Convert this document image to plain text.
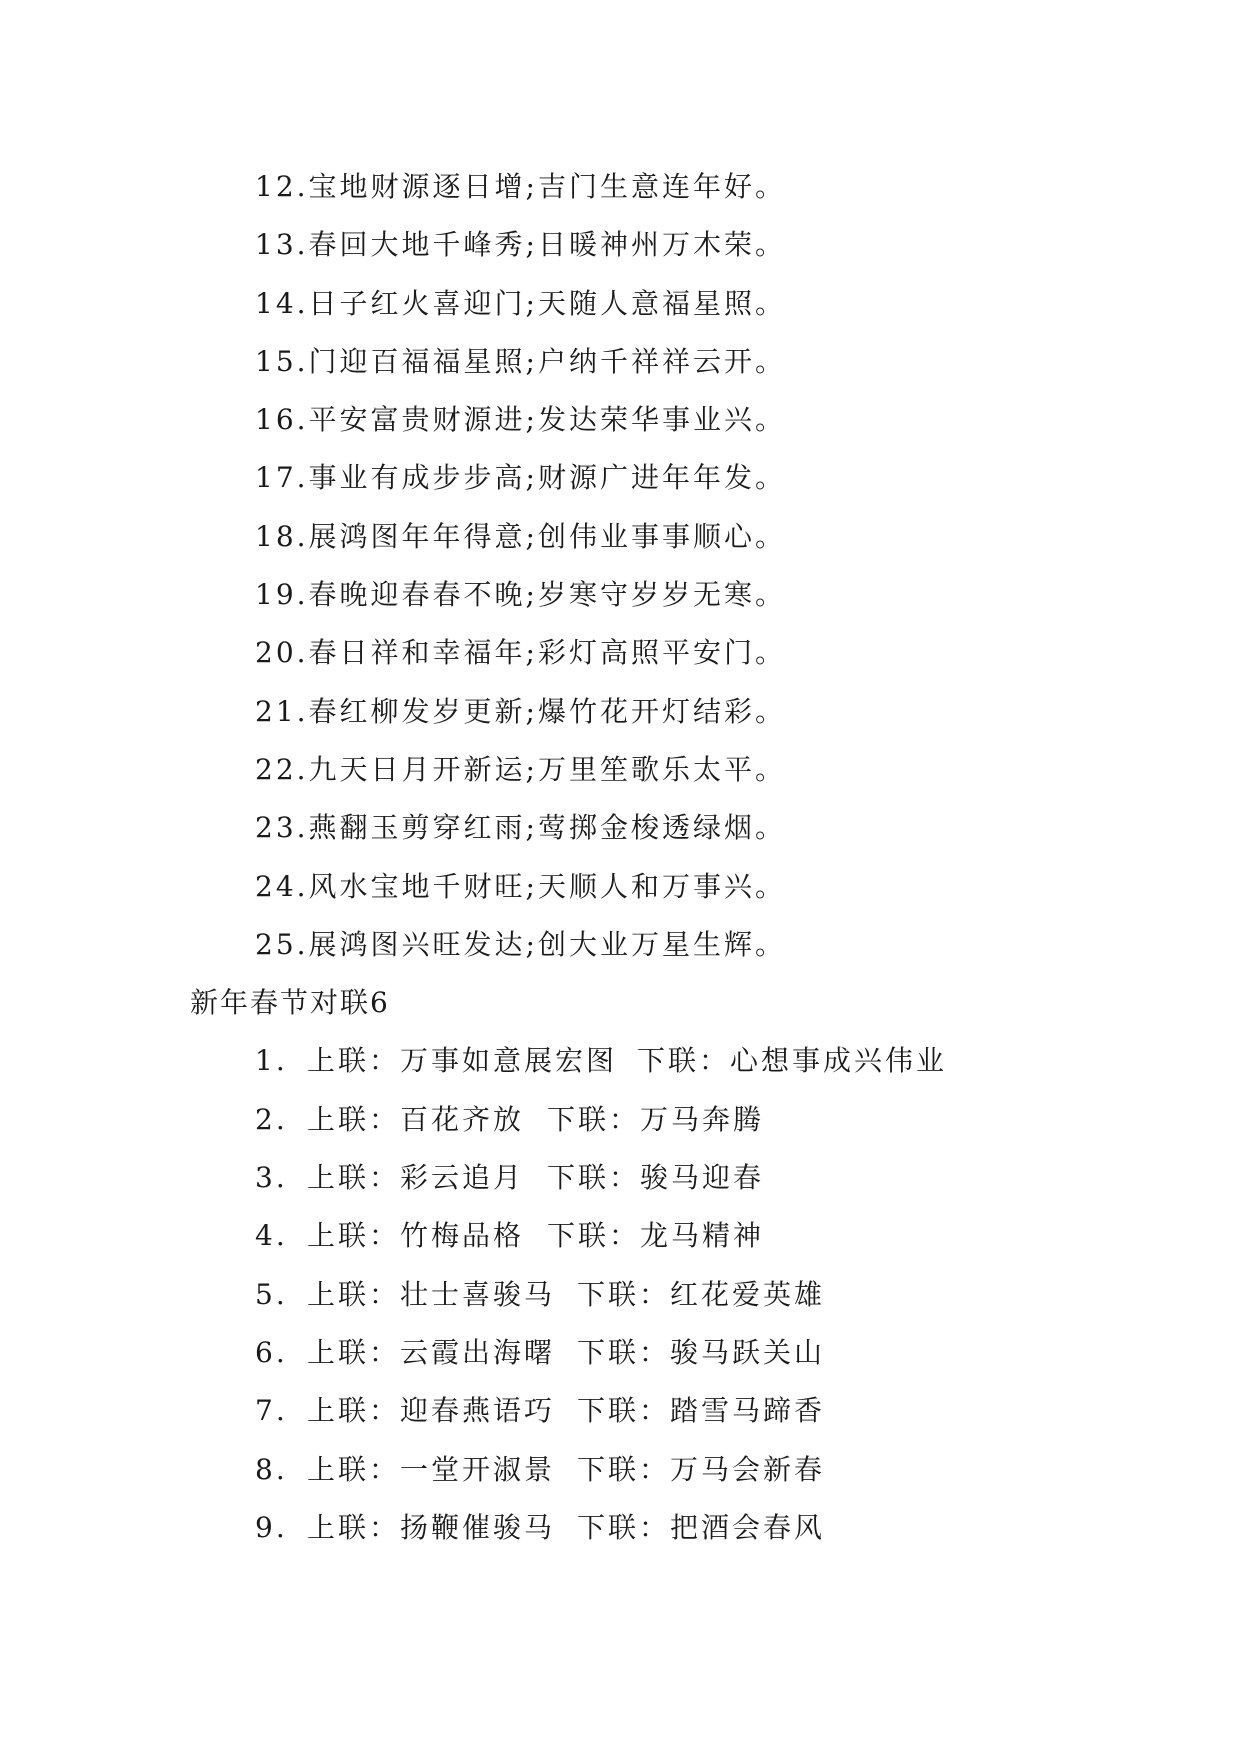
12.宝地财源逐日增;吉门生意连年好。
13.春回大地千峰秀;日暖神州万木荣。
14.日子红火喜迎门;天随人意福星照。
15.门迎百福福星照;户纳千祥祥云开。
16.平安富贵财源进;发达荣华事业兴。
17.事业有成步步高;财源广进年年发。
18.展鸿图年年得意;创伟业事事顺心。
19.春晚迎春春不晚;岁寒守岁岁无寒。
20.春日祥和幸福年;彩灯高照平安门。
21.春红柳发岁更新;爆竹花开灯结彩。
22.九天日月开新运;万里笙歌乐太平。
23.燕翻玉剪穿红雨;莺掷金梭透绿烟。
24.风水宝地千财旺;天顺人和万事兴。
25.展鸿图兴旺发达;创大业万星生辉。
新年春节对联6
1. 上联：万事如意展宏图 下联：心想事成兴伟业
2. 上联：百花齐放 下联：万马奔腾
3. 上联：彩云追月 下联：骏马迎春
4. 上联：竹梅品格 下联：龙马精神
5. 上联：壮士喜骏马 下联：红花爱英雄
6. 上联：云霞出海曙 下联：骏马跃关山
7. 上联：迎春燕语巧 下联：踏雪马蹄香
8. 上联：一堂开淑景 下联：万马会新春
9. 上联：扬鞭催骏马 下联：把酒会春风
